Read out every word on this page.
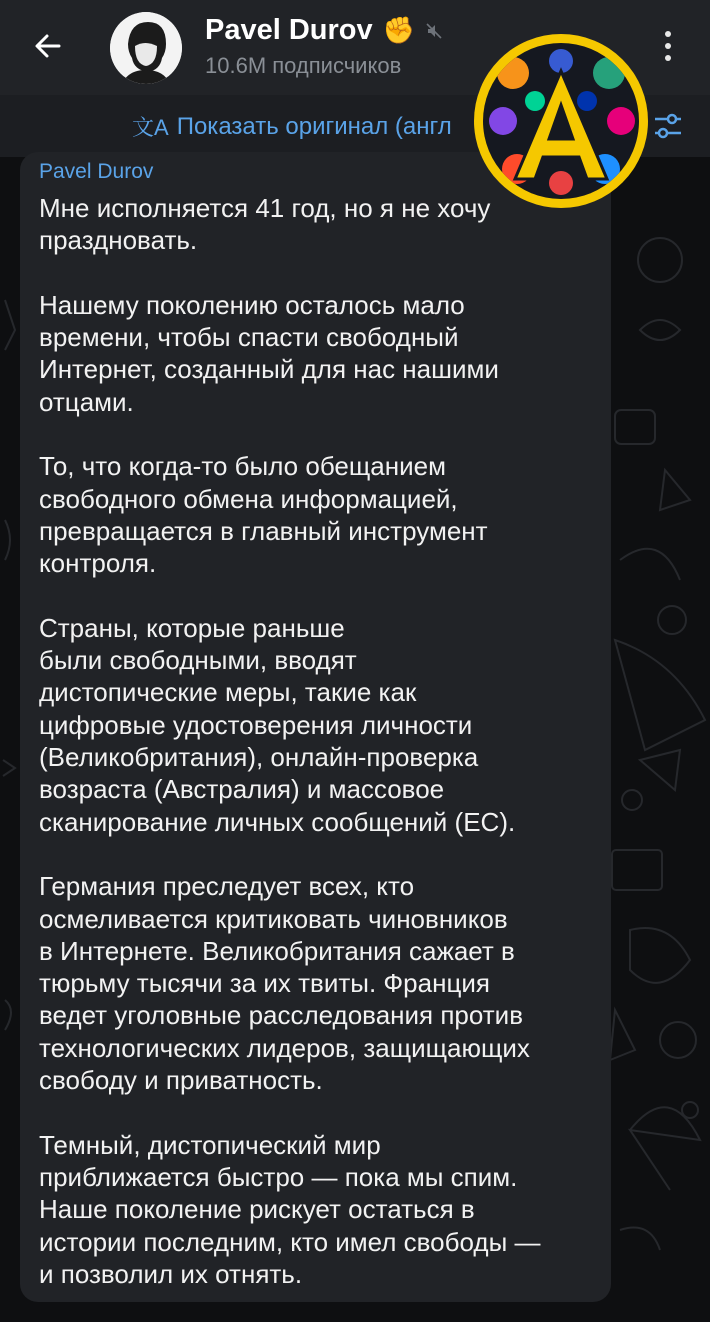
Pavel Durov ✊
10.6M подписчиков
文A Показать оригинал (англ
Pavel Durov

Мне исполняется 41 год, но я не хочу
праздновать.

Нашему поколению осталось мало
времени, чтобы спасти свободный
Интернет, созданный для нас нашими
отцами.

То, что когда-то было обещанием
свободного обмена информацией,
превращается в главный инструмент
контроля.

Страны, которые раньше
были свободными, вводят
дистопические меры, такие как
цифровые удостоверения личности
(Великобритания), онлайн-проверка
возраста (Австралия) и массовое
сканирование личных сообщений (ЕС).

Германия преследует всех, кто
осмеливается критиковать чиновников
в Интернете. Великобритания сажает в
тюрьму тысячи за их твиты. Франция
ведет уголовные расследования против
технологических лидеров, защищающих
свободу и приватность.

Темный, дистопический мир
приближается быстро — пока мы спим.
Наше поколение рискует остаться в
истории последним, кто имел свободы —
и позволил их отнять.
